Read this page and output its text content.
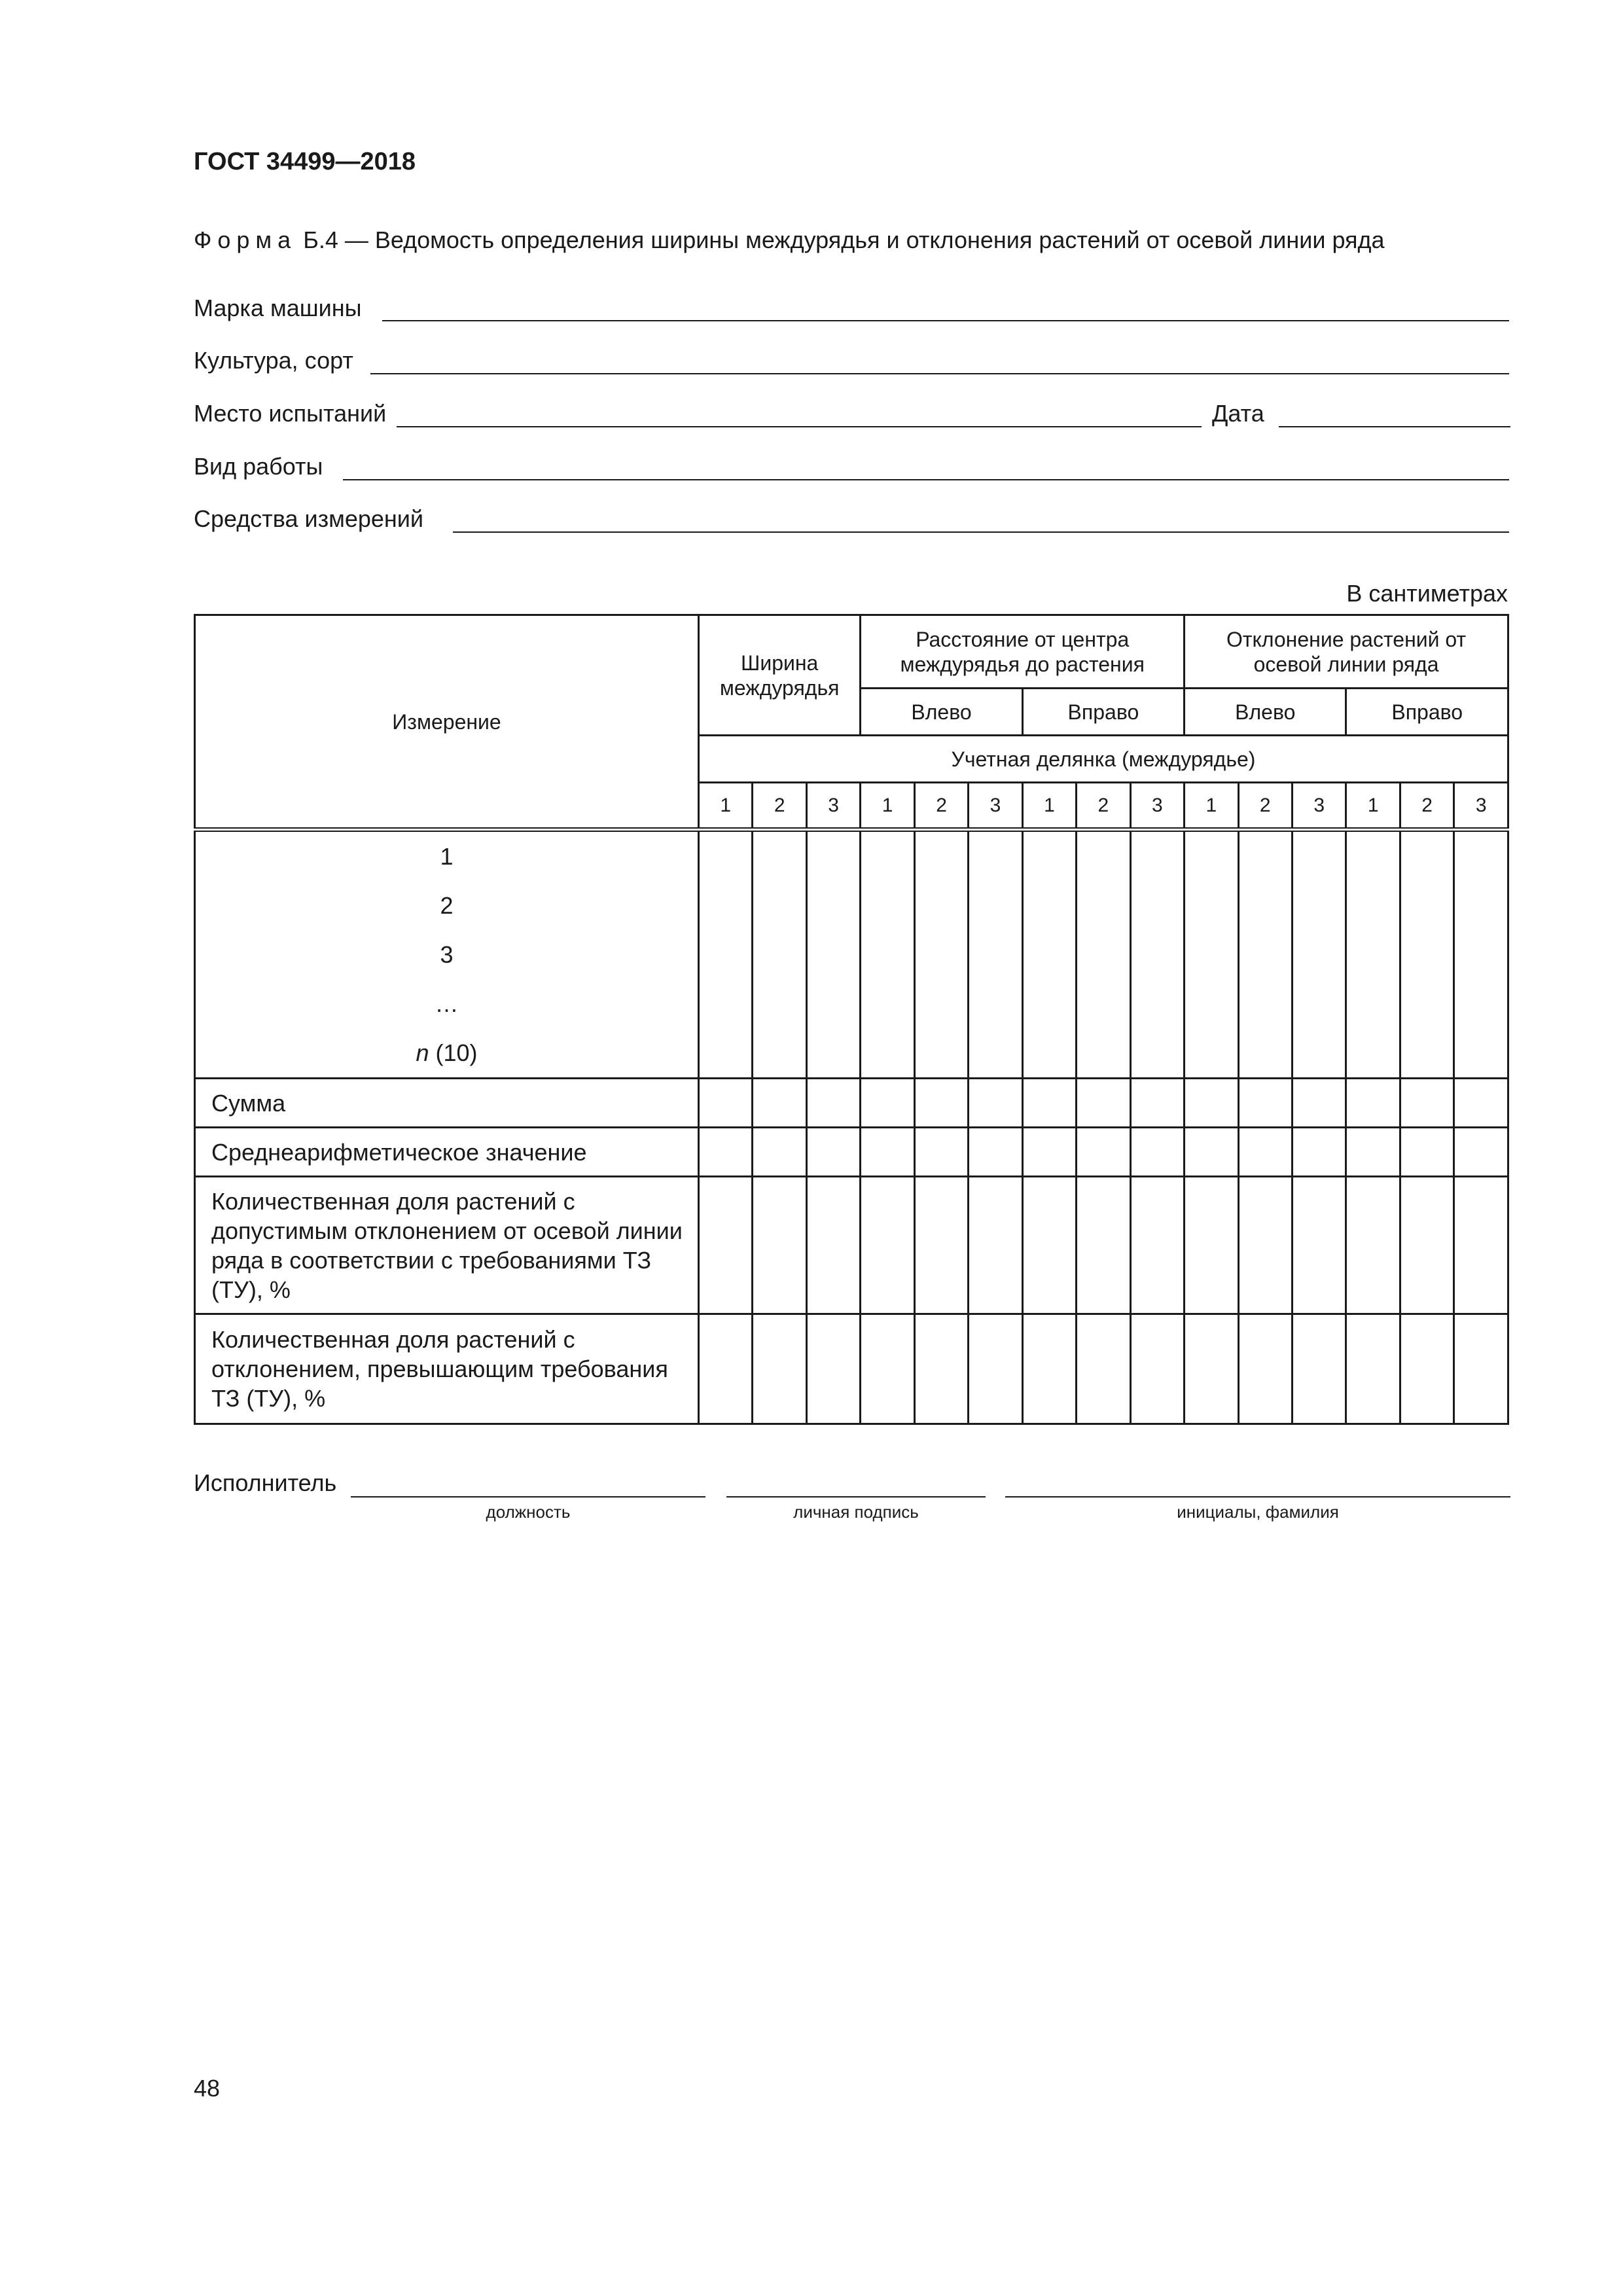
ГОСТ 34499—2018
Форма Б.4 — Ведомость определения ширины междурядья и отклонения растений от осевой линии ряда
Марка машины
Культура, сорт
Место испытаний	Дата
Вид работы
Средства измерений
В сантиметрах
Измерение	Ширина междурядья			Расстояние от центра междурядья до растения						Отклонение растений от осевой линии ряда					
				Влево			Вправо			Влево			Вправо		
	Учетная делянка (междурядье)														
	1	2	3	1	2	3	1	2	3	1	2	3	1	2	3

1
2
3
…
n (10)															

Сумма															
Среднеарифметическое значение															

Количественная доля растений с допустимым отклонением от осевой линии ряда в соответствии с требованиями ТЗ (ТУ), %															

Количественная доля растений с отклонением, превышающим требования ТЗ (ТУ), %															

Исполнитель
должность	личная подпись	инициалы, фамилия
48
